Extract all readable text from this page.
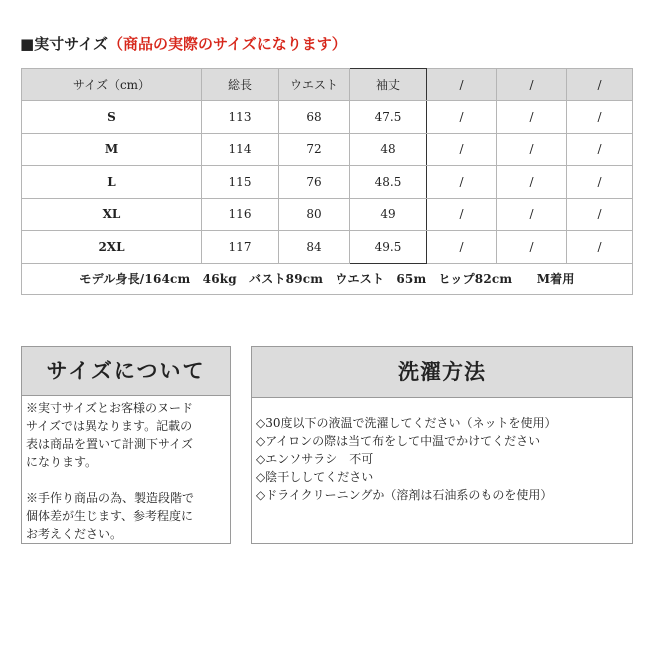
■実寸サイズ（商品の実際のサイズになります）
サイズ（cm）	総長	ウエスト	袖丈	/	/	/
S	113	68	47.5	/	/	/
M	114	72	48	/	/	/
L	115	76	48.5	/	/	/
XL	116	80	49	/	/	/
2XL	117	84	49.5	/	/	/
モデル身長/164cm　46kg　バスト89cm　ウエスト　65m　ヒップ82cm　　M着用						
サイズについて

※実寸サイズとお客様のヌード

サイズでは異なります。記載の

表は商品を置いて計測下サイズ

になります。

※手作り商品の為、製造段階で

個体差が生じます、参考程度に

お考えください。

洗濯方法

◇30度以下の液温で洗濯してください（ネットを使用）

◇アイロンの際は当て布をして中温でかけてください

◇エンソサラシ　不可

◇陰干ししてください

◇ドライクリーニングか（溶剤は石油系のものを使用）
